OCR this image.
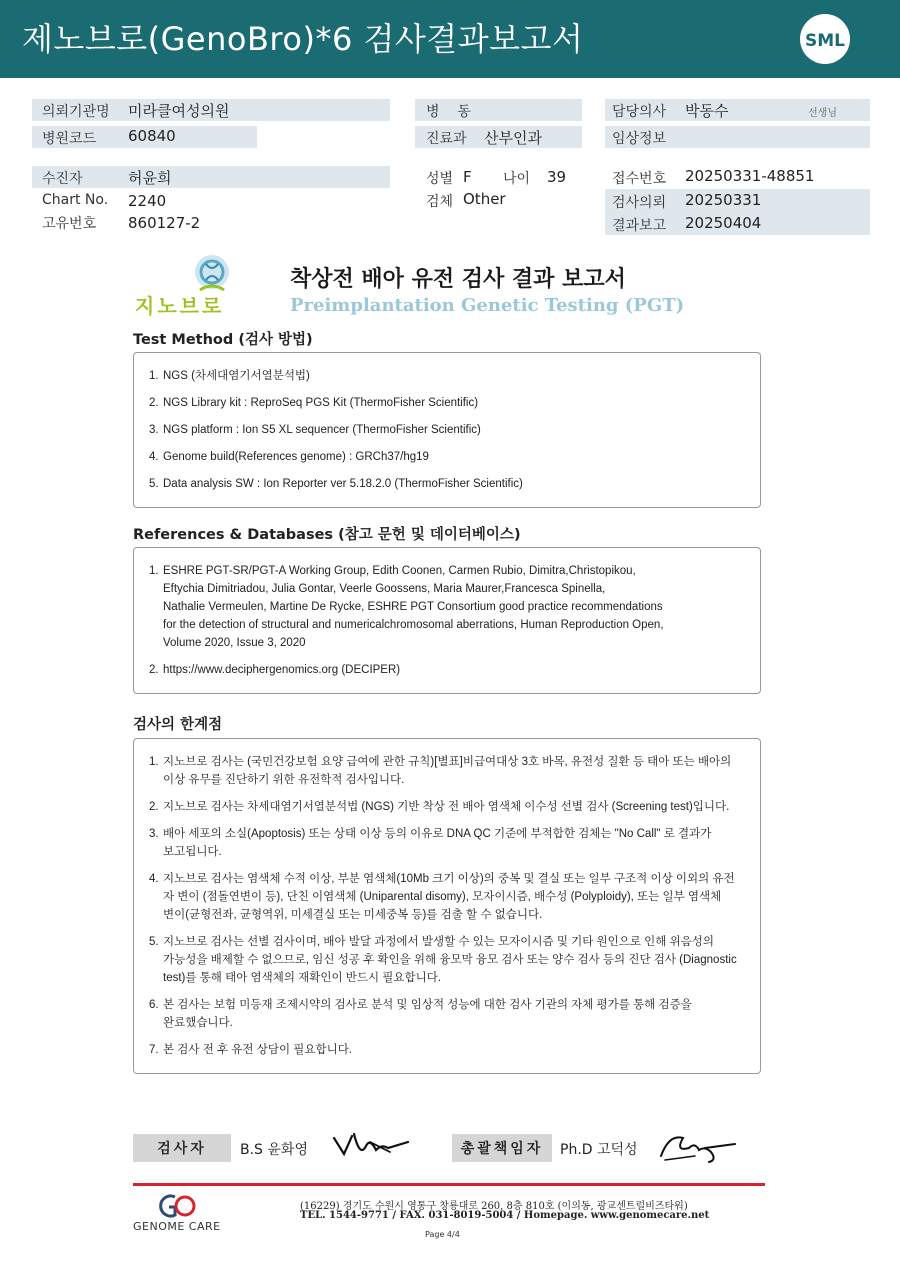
제노브로(GenoBro)*6 검사결과보고서	SML
의뢰기관명 미라클여성의원
병원코드 60840
수진자	허윤희
Chart No. 2240
고유번호 860127-2
병    동
진료과 산부인과
성별 F 나이 39
검체 Other
담당의사 박동수	선생님
임상정보
접수번호 20250331-48851
검사의뢰 20250331
결과보고 20250404
지노브로
착상전 배아 유전 검사 결과 보고서
Preimplantation Genetic Testing (PGT)
Test Method (검사 방법)
1. NGS (차세대염기서열분석법)
2. NGS Library kit : ReproSeq PGS Kit (ThermoFisher Scientific)
3. NGS platform : Ion S5 XL sequencer (ThermoFisher Scientific)
4. Genome build(References genome) : GRCh37/hg19
5. Data analysis SW : Ion Reporter ver 5.18.2.0 (ThermoFisher Scientific)
References & Databases (참고 문헌 및 데이터베이스)
1. ESHRE PGT-SR/PGT-A Working Group, Edith Coonen, Carmen Rubio, Dimitra,Christopikou,
Eftychia Dimitriadou, Julia Gontar, Veerle Goossens, Maria Maurer,Francesca Spinella,
Nathalie Vermeulen, Martine De Rycke, ESHRE PGT Consortium good practice recommendations
for the detection of structural and numericalchromosomal aberrations, Human Reproduction Open,
Volume 2020, Issue 3, 2020
2. https://www.deciphergenomics.org (DECIPER)
검사의 한계점
1. 지노브로 검사는 (국민건강보험 요양 급여에 관한 규칙)[별표]비급여대상 3호 바목, 유전성 질환 등 태아 또는 배아의
이상 유무를 진단하기 위한 유전학적 검사입니다.
2. 지노브로 검사는 차세대염기서열분석법 (NGS) 기반 착상 전 배아 염색체 이수성 선별 검사 (Screening test)입니다.
3. 배아 세포의 소실(Apoptosis) 또는 상태 이상 등의 이유로 DNA QC 기준에 부적합한 검체는 "No Call" 로 결과가
보고됩니다.
4. 지노브로 검사는 염색체 수적 이상, 부분 염색체(10Mb 크기 이상)의 중복 및 결실 또는 일부 구조적 이상 이외의 유전
자 변이 (점돌연변이 등), 단친 이염색체 (Uniparental disomy), 모자이시즘, 배수성 (Polyploidy), 또는 일부 염색체
변이(균형전좌, 균형역위, 미세결실 또는 미세중복 등)를 검출 할 수 없습니다.
5. 지노브로 검사는 선별 검사이며, 배아 발달 과정에서 발생할 수 있는 모자이시즘 및 기타 원인으로 인해 위음성의
가능성을 배제할 수 없으므로, 임신 성공 후 확인을 위해 융모막 융모 검사 또는 양수 검사 등의 진단 검사 (Diagnostic
test)를 통해 태아 염색체의 재확인이 반드시 필요합니다.
6. 본 검사는 보험 미등재 조제시약의 검사로 분석 및 임상적 성능에 대한 검사 기관의 자체 평가를 통해 검증을
완료했습니다.
7. 본 검사 전 후 유전 상담이 필요합니다.
검사자	B.S 윤화영	총괄책임자	Ph.D 고덕성
GENOME CARE
(16229) 경기도 수원시 영통구 창룡대로 260, 8층 810호 (이의동, 광교센트럴비즈타워)
TEL. 1544-9771 / FAX. 031-8019-5004 / Homepage. www.genomecare.net
Page 4/4
